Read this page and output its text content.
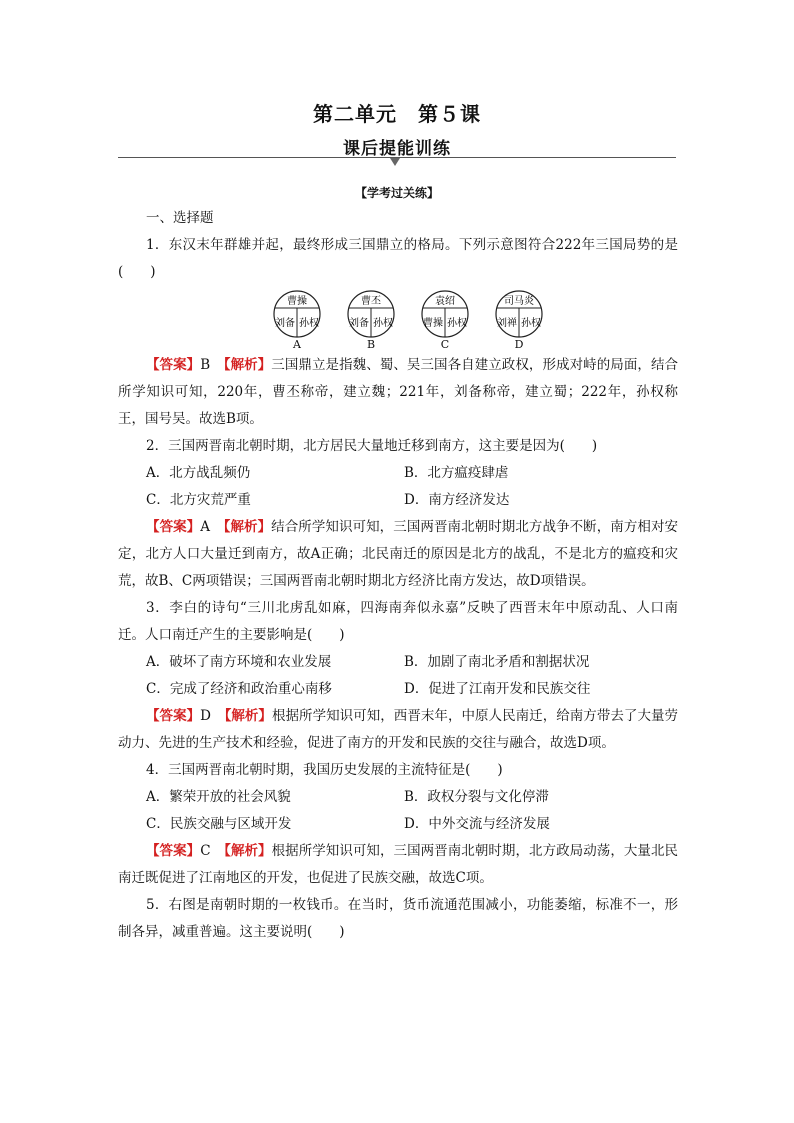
第二单元　第５课
课后提能训练
【学考过关练】

一、选择题

1．东汉末年群雄并起，最终形成三国鼎立的格局。下列示意图符合222年三国局势的是(　　)

曹操
刘备 孙权
A
曹丕
刘备 孙权
B
袁绍
曹操 孙权
C
司马炎
刘禅 孙权
D

【答案】B　【解析】三国鼎立是指魏、蜀、吴三国各自建立政权，形成对峙的局面，结合所学知识可知，220年，曹丕称帝，建立魏；221年，刘备称帝，建立蜀；222年，孙权称王，国号吴。故选B项。

2．三国两晋南北朝时期，北方居民大量地迁移到南方，这主要是因为(　　)

A．北方战乱频仍	B．北方瘟疫肆虐
C．北方灾荒严重	D．南方经济发达

【答案】A　【解析】结合所学知识可知，三国两晋南北朝时期北方战争不断，南方相对安定，北方人口大量迁到南方，故A正确；北民南迁的原因是北方的战乱，不是北方的瘟疫和灾荒，故B、C两项错误；三国两晋南北朝时期北方经济比南方发达，故D项错误。

3．李白的诗句“三川北虏乱如麻，四海南奔似永嘉”反映了西晋末年中原动乱、人口南迁。人口南迁产生的主要影响是(　　)

A．破坏了南方环境和农业发展	B．加剧了南北矛盾和割据状况
C．完成了经济和政治重心南移	D．促进了江南开发和民族交往

【答案】D　【解析】根据所学知识可知，西晋末年，中原人民南迁，给南方带去了大量劳动力、先进的生产技术和经验，促进了南方的开发和民族的交往与融合，故选D项。

4．三国两晋南北朝时期，我国历史发展的主流特征是(　　)

A．繁荣开放的社会风貌	B．政权分裂与文化停滞
C．民族交融与区域开发	D．中外交流与经济发展

【答案】C　【解析】根据所学知识可知，三国两晋南北朝时期，北方政局动荡，大量北民南迁既促进了江南地区的开发，也促进了民族交融，故选C项。

5．右图是南朝时期的一枚钱币。在当时，货币流通范围减小，功能萎缩，标准不一，形制各异，减重普遍。这主要说明(　　)
